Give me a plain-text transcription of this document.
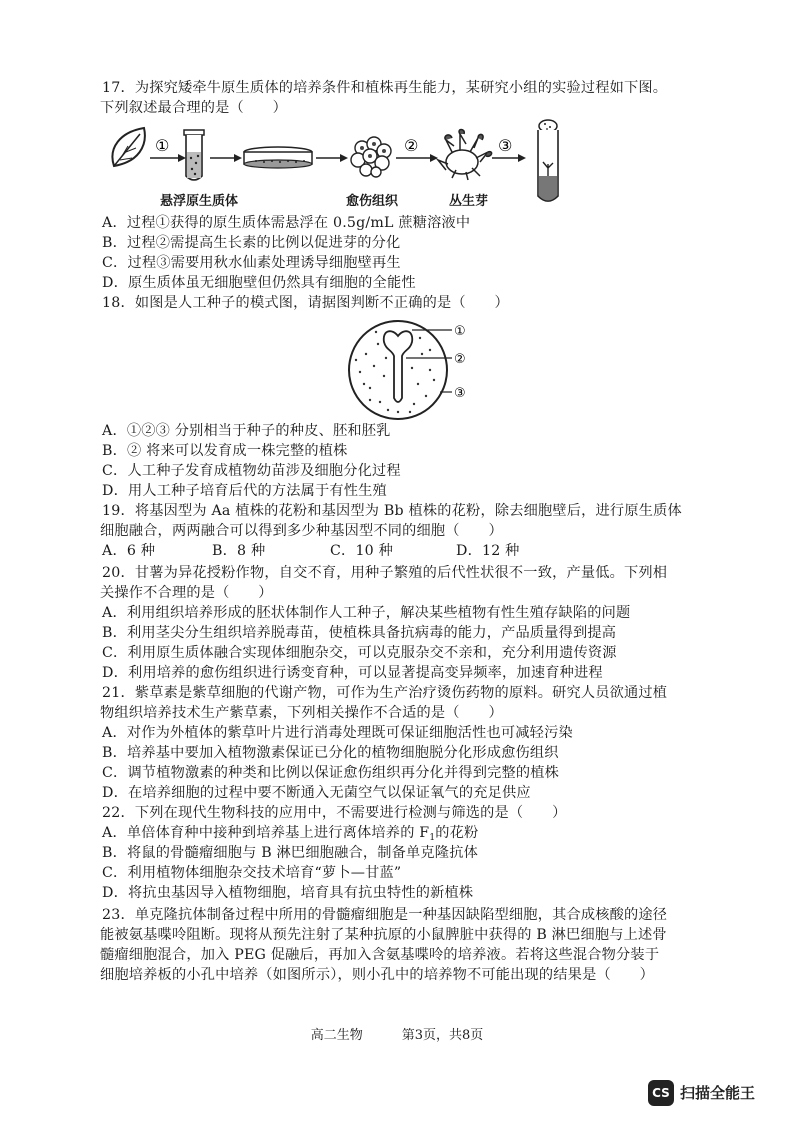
17．为探究矮牵牛原生质体的培养条件和植株再生能力，某研究小组的实验过程如下图。
下列叙述最合理的是（　　）
①	②	③
悬浮原生质体	愈伤组织	丛生芽
A．过程①获得的原生质体需悬浮在 0.5g/mL 蔗糖溶液中
B．过程②需提高生长素的比例以促进芽的分化
C．过程③需要用秋水仙素处理诱导细胞壁再生
D．原生质体虽无细胞壁但仍然具有细胞的全能性
18．如图是人工种子的模式图，请据图判断不正确的是（　　）
①
②
③
A．①②③ 分别相当于种子的种皮、胚和胚乳
B．② 将来可以发育成一株完整的植株
C．人工种子发育成植物幼苗涉及细胞分化过程
D．用人工种子培育后代的方法属于有性生殖
19．将基因型为 Aa 植株的花粉和基因型为 Bb 植株的花粉，除去细胞壁后，进行原生质体
细胞融合，两两融合可以得到多少种基因型不同的细胞（　　）
A．6 种	B．8 种	C．10 种	D．12 种
20．甘薯为异花授粉作物，自交不育，用种子繁殖的后代性状很不一致，产量低。下列相
关操作不合理的是（　　）
A．利用组织培养形成的胚状体制作人工种子，解决某些植物有性生殖存缺陷的问题
B．利用茎尖分生组织培养脱毒苗，使植株具备抗病毒的能力，产品质量得到提高
C．利用原生质体融合实现体细胞杂交，可以克服杂交不亲和，充分利用遗传资源
D．利用培养的愈伤组织进行诱变育种，可以显著提高变异频率，加速育种进程
21．紫草素是紫草细胞的代谢产物，可作为生产治疗烫伤药物的原料。研究人员欲通过植
物组织培养技术生产紫草素，下列相关操作不合适的是（　　）
A．对作为外植体的紫草叶片进行消毒处理既可保证细胞活性也可减轻污染
B．培养基中要加入植物激素保证已分化的植物细胞脱分化形成愈伤组织
C．调节植物激素的种类和比例以保证愈伤组织再分化并得到完整的植株
D．在培养细胞的过程中要不断通入无菌空气以保证氧气的充足供应
22．下列在现代生物科技的应用中，不需要进行检测与筛选的是（　　）
A．单倍体育种中接种到培养基上进行离体培养的 $F_1$的花粉
B．将鼠的骨髓瘤细胞与 B 淋巴细胞融合，制备单克隆抗体
C．利用植物体细胞杂交技术培育“萝卜—甘蓝”
D．将抗虫基因导入植物细胞，培育具有抗虫特性的新植株
23．单克隆抗体制备过程中所用的骨髓瘤细胞是一种基因缺陷型细胞，其合成核酸的途径
能被氨基喋呤阻断。现将从预先注射了某种抗原的小鼠脾脏中获得的 B 淋巴细胞与上述骨
髓瘤细胞混合，加入 PEG 促融后，再加入含氨基喋呤的培养液。若将这些混合物分装于
细胞培养板的小孔中培养（如图所示），则小孔中的培养物不可能出现的结果是（　　）
高二生物　　　第3页，共8页
CS 扫描全能王
